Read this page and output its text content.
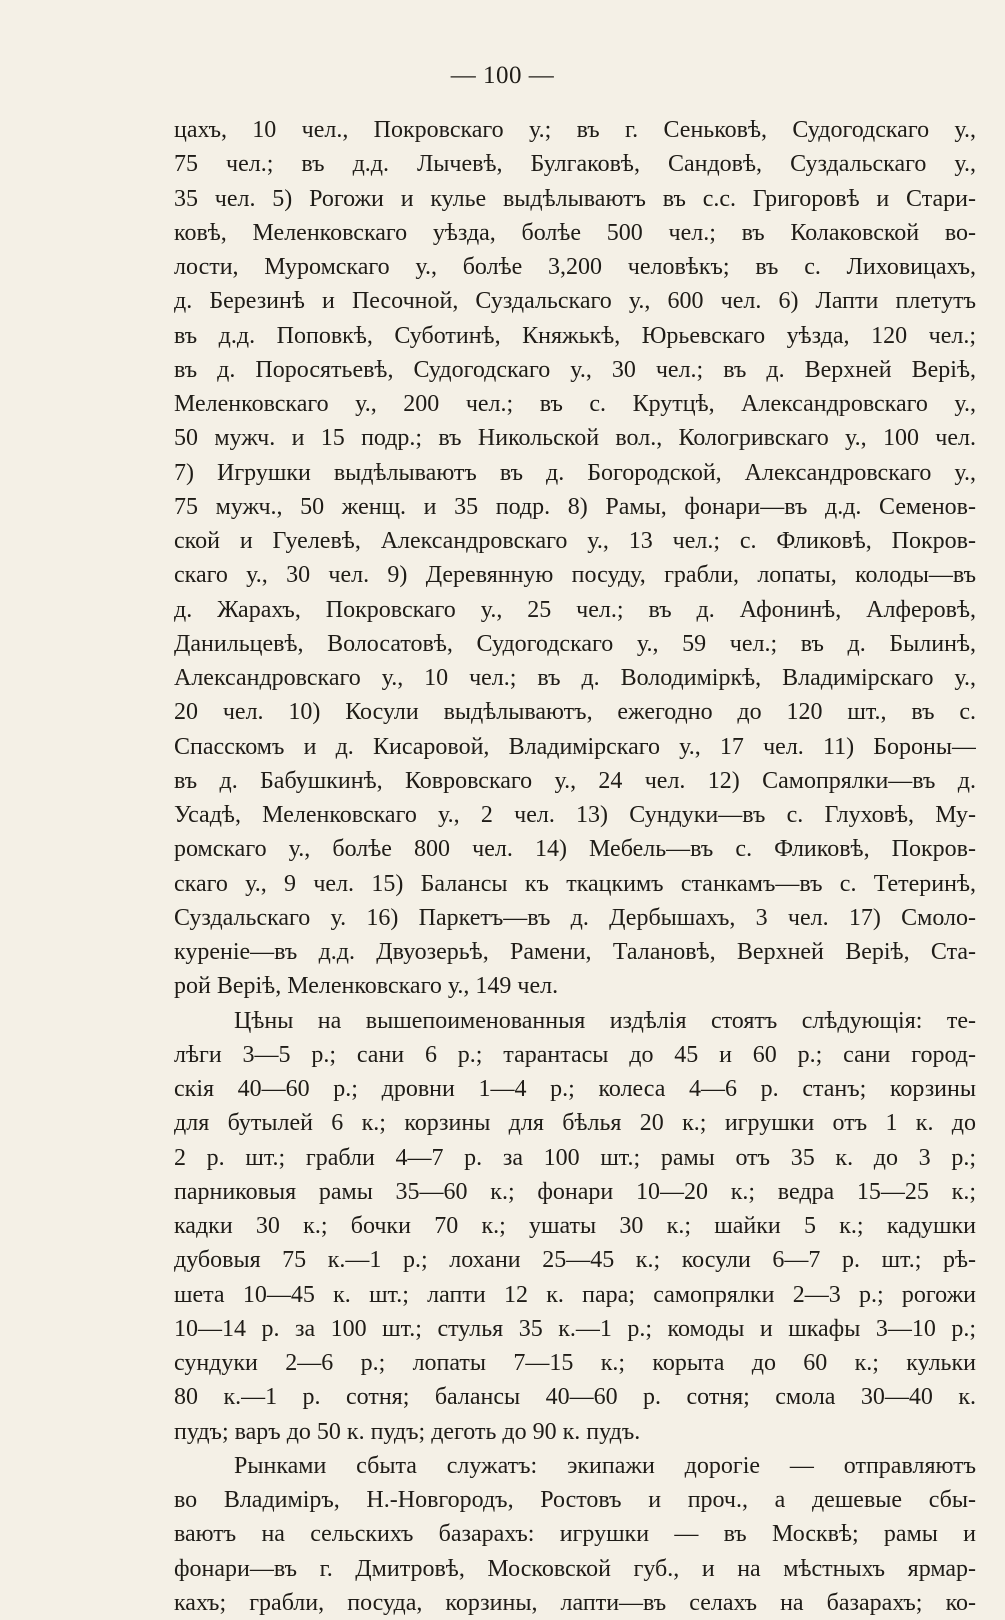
— 100 —
цахъ, 10 чел., Покровскаго у.; въ г. Сеньковѣ, Судогодскаго у.,
75 чел.; въ д.д. Лычевѣ, Булгаковѣ, Сандовѣ, Суздальскаго у.,
35 чел. 5) Рогожи и кулье выдѣлываютъ въ с.с. Григоровѣ и Стари-
ковѣ, Меленковскаго уѣзда, болѣе 500 чел.; въ Колаковской во-
лости, Муромскаго у., болѣе 3,200 человѣкъ; въ с. Лиховицахъ,
д. Березинѣ и Песочной, Суздальскаго у., 600 чел. 6) Лапти плетутъ
въ д.д. Поповкѣ, Суботинѣ, Княжькѣ, Юрьевскаго уѣзда, 120 чел.;
въ д. Поросятьевѣ, Судогодскаго у., 30 чел.; въ д. Верхней Верiѣ,
Меленковскаго у., 200 чел.; въ с. Крутцѣ, Александровскаго у.,
50 мужч. и 15 подр.; въ Никольской вол., Кологривскаго у., 100 чел.
7) Игрушки выдѣлываютъ въ д. Богородской, Александровскаго у.,
75 мужч., 50 женщ. и 35 подр. 8) Рамы, фонари—въ д.д. Семенов-
ской и Гуелевѣ, Александровскаго у., 13 чел.; с. Фликовѣ, Покров-
скаго у., 30 чел. 9) Деревянную посуду, грабли, лопаты, колоды—въ
д. Жарахъ, Покровскаго у., 25 чел.; въ д. Афонинѣ, Алферовѣ,
Данильцевѣ, Волосатовѣ, Судогодскаго у., 59 чел.; въ д. Былинѣ,
Александровскаго у., 10 чел.; въ д. Володимiркѣ, Владимiрскаго у.,
20 чел. 10) Косули выдѣлываютъ, ежегодно до 120 шт., въ с.
Спасскомъ и д. Кисаровой, Владимiрскаго у., 17 чел. 11) Бороны—
въ д. Бабушкинѣ, Ковровскаго у., 24 чел. 12) Самопрялки—въ д.
Усадѣ, Меленковскаго у., 2 чел. 13) Сундуки—въ с. Глуховѣ, Му-
ромскаго у., болѣе 800 чел. 14) Мебель—въ с. Фликовѣ, Покров-
скаго у., 9 чел. 15) Балансы къ ткацкимъ станкамъ—въ с. Тетеринѣ,
Суздальскаго у. 16) Паркетъ—въ д. Дербышахъ, 3 чел. 17) Смоло-
куренiе—въ д.д. Двуозерьѣ, Рамени, Талановѣ, Верхней Верiѣ, Ста-
рой Верiѣ, Меленковскаго у., 149 чел.
Цѣны на вышепоименованныя издѣлiя стоятъ слѣдующiя: те-
лѣги 3—5 р.; сани 6 р.; тарантасы до 45 и 60 р.; сани город-
скiя 40—60 р.; дровни 1—4 р.; колеса 4—6 р. станъ; корзины
для бутылей 6 к.; корзины для бѣлья 20 к.; игрушки отъ 1 к. до
2 р. шт.; грабли 4—7 р. за 100 шт.; рамы отъ 35 к. до 3 р.;
парниковыя рамы 35—60 к.; фонари 10—20 к.; ведра 15—25 к.;
кадки 30 к.; бочки 70 к.; ушаты 30 к.; шайки 5 к.; кадушки
дубовыя 75 к.—1 р.; лохани 25—45 к.; косули 6—7 р. шт.; рѣ-
шета 10—45 к. шт.; лапти 12 к. пара; самопрялки 2—3 р.; рогожи
10—14 р. за 100 шт.; стулья 35 к.—1 р.; комоды и шкафы 3—10 р.;
сундуки 2—6 р.; лопаты 7—15 к.; корыта до 60 к.; кульки
80 к.—1 р. сотня; балансы 40—60 р. сотня; смола 30—40 к.
пудъ; варъ до 50 к. пудъ; деготь до 90 к. пудъ.
Рынками сбыта служатъ: экипажи дорогiе — отправляютъ
во Владимiръ, Н.-Новгородъ, Ростовъ и проч., а дешевые сбы-
ваютъ на сельскихъ базарахъ: игрушки — въ Москвѣ; рамы и
фонари—въ г. Дмитровѣ, Московской губ., и на мѣстныхъ ярмар-
кахъ; грабли, посуда, корзины, лапти—въ селахъ на базарахъ; ко-
